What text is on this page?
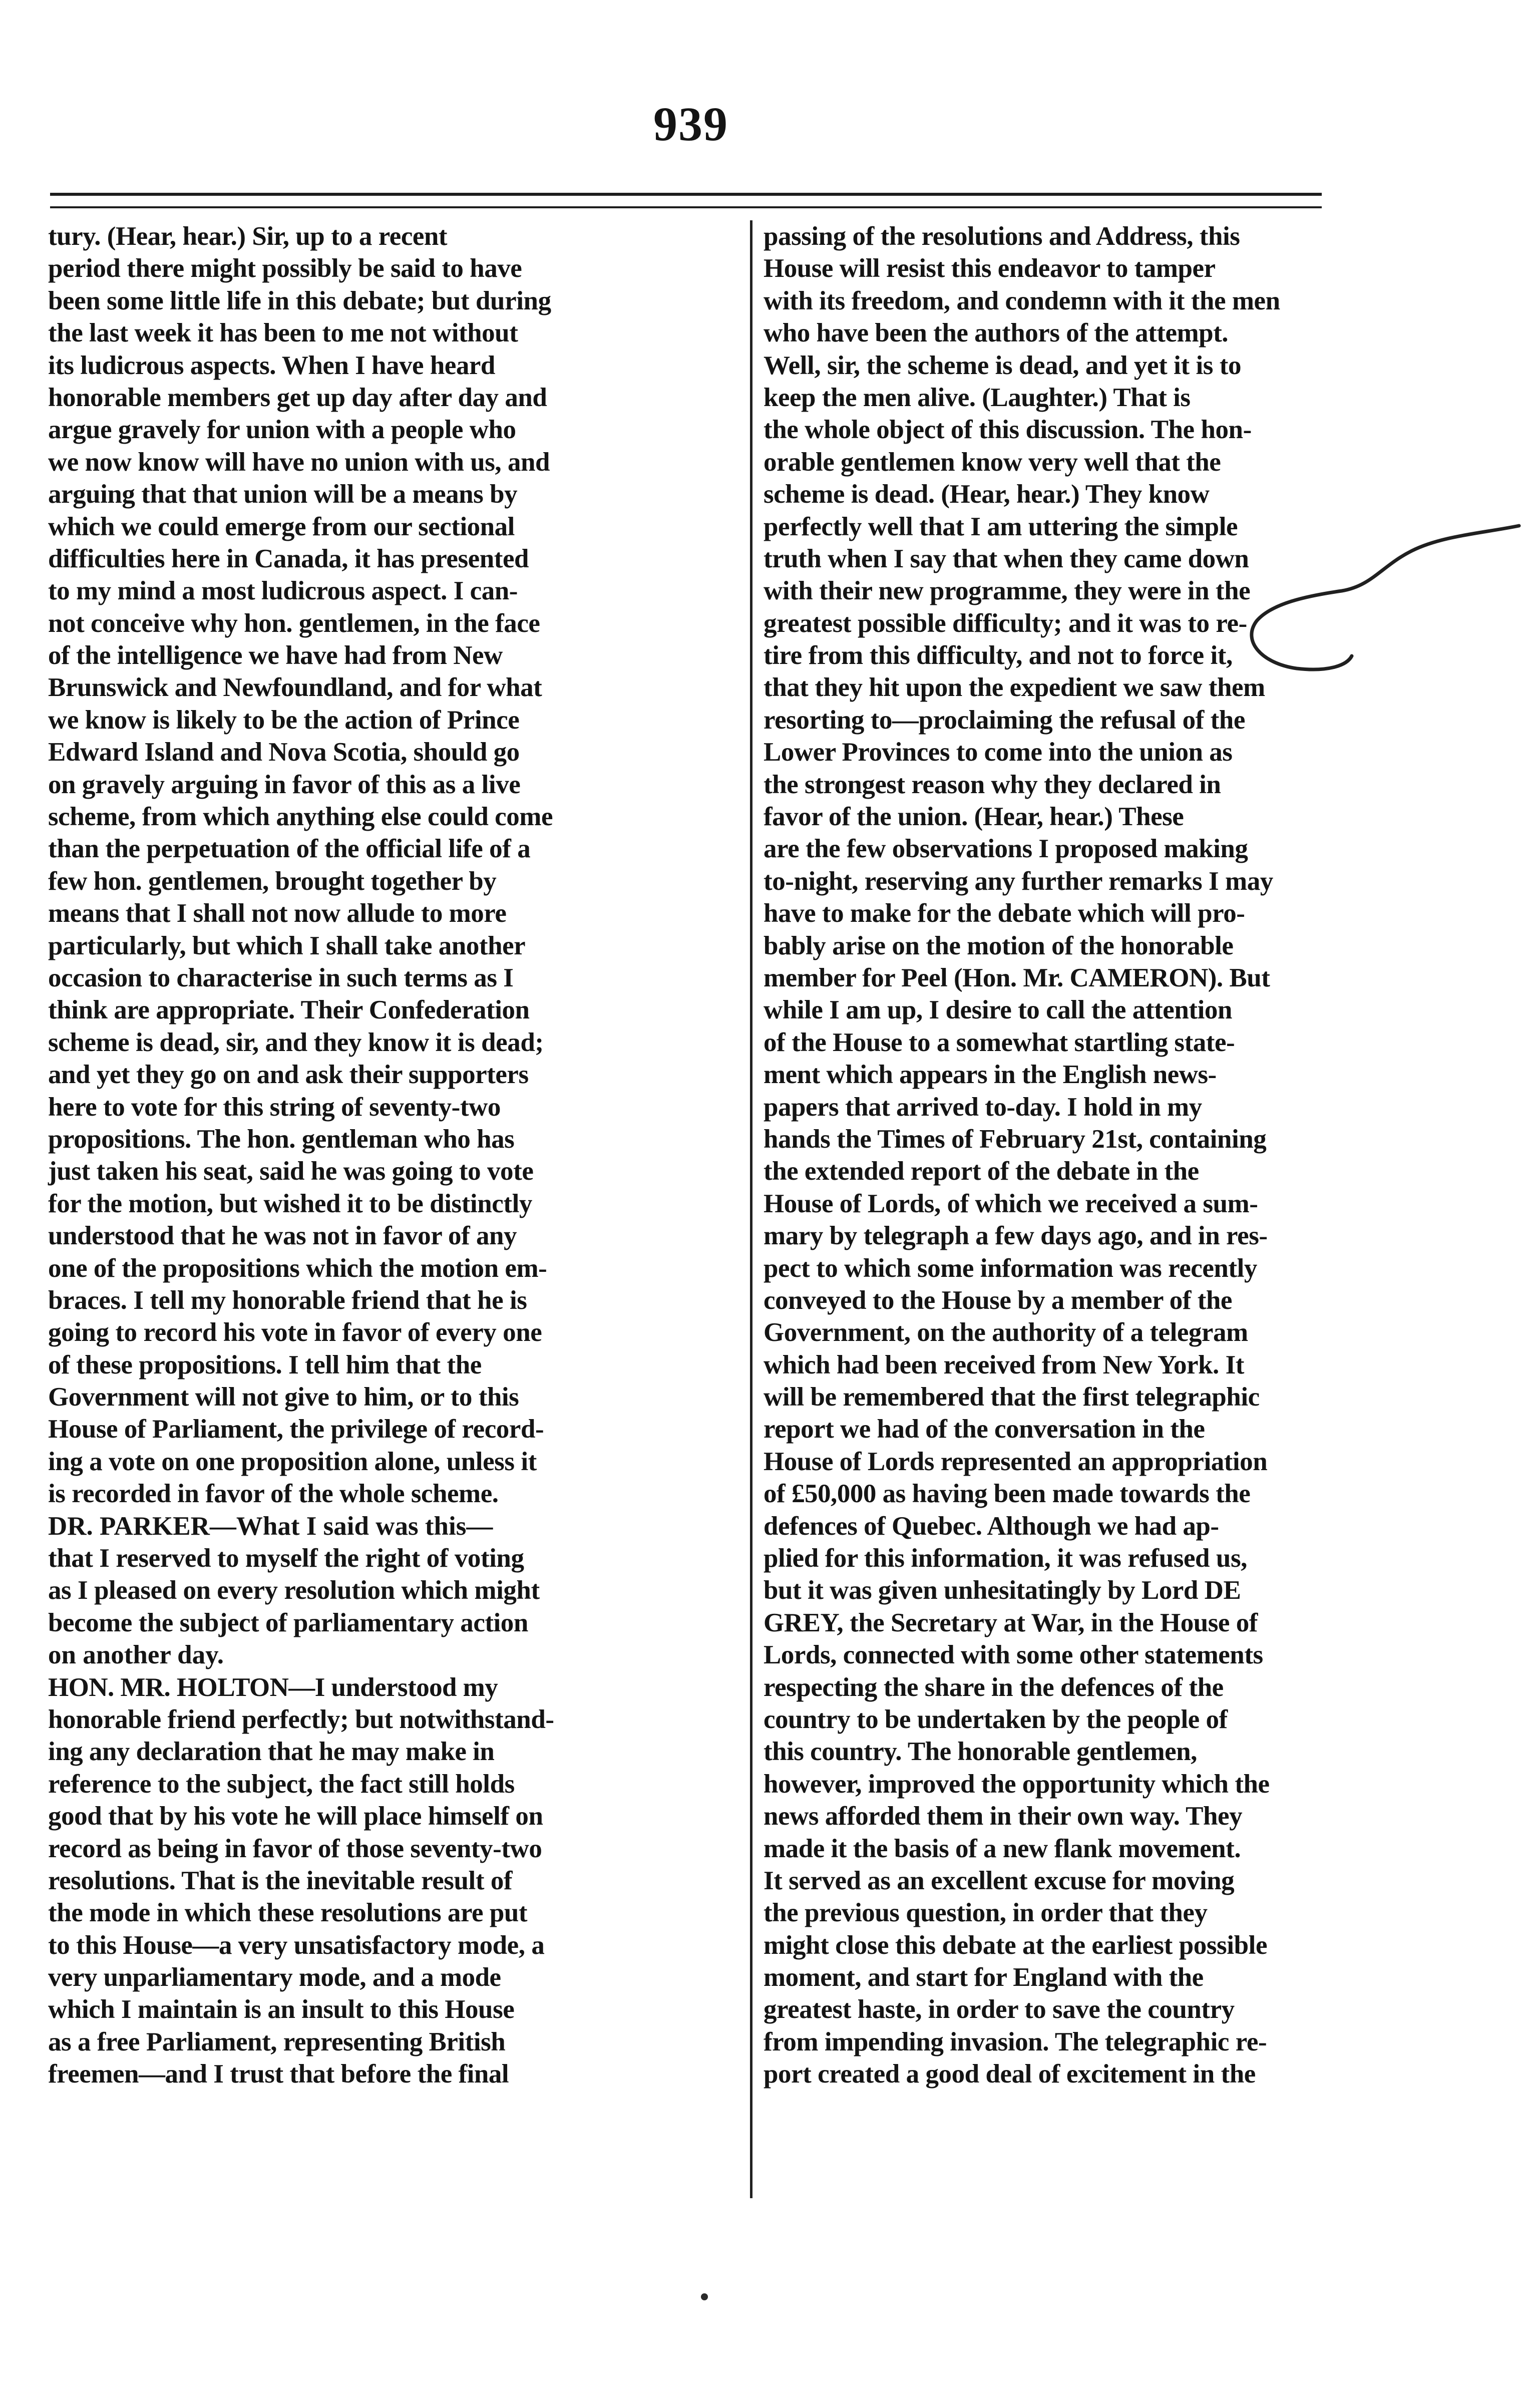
939
tury. (Hear, hear.) Sir, up to a recent
period there might possibly be said to have
been some little life in this debate; but during
the last week it has been to me not without
its ludicrous aspects. When I have heard
honorable members get up day after day and
argue gravely for union with a people who
we now know will have no union with us, and
arguing that that union will be a means by
which we could emerge from our sectional
difficulties here in Canada, it has presented
to my mind a most ludicrous aspect. I can-
not conceive why hon. gentlemen, in the face
of the intelligence we have had from New
Brunswick and Newfoundland, and for what
we know is likely to be the action of Prince
Edward Island and Nova Scotia, should go
on gravely arguing in favor of this as a live
scheme, from which anything else could come
than the perpetuation of the official life of a
few hon. gentlemen, brought together by
means that I shall not now allude to more
particularly, but which I shall take another
occasion to characterise in such terms as I
think are appropriate. Their Confederation
scheme is dead, sir, and they know it is dead;
and yet they go on and ask their supporters
here to vote for this string of seventy-two
propositions. The hon. gentleman who has
just taken his seat, said he was going to vote
for the motion, but wished it to be distinctly
understood that he was not in favor of any
one of the propositions which the motion em-
braces. I tell my honorable friend that he is
going to record his vote in favor of every one
of these propositions. I tell him that the
Government will not give to him, or to this
House of Parliament, the privilege of record-
ing a vote on one proposition alone, unless it
is recorded in favor of the whole scheme.
DR. PARKER—What I said was this—
that I reserved to myself the right of voting
as I pleased on every resolution which might
become the subject of parliamentary action
on another day.
HON. MR. HOLTON—I understood my
honorable friend perfectly; but notwithstand-
ing any declaration that he may make in
reference to the subject, the fact still holds
good that by his vote he will place himself on
record as being in favor of those seventy-two
resolutions. That is the inevitable result of
the mode in which these resolutions are put
to this House—a very unsatisfactory mode, a
very unparliamentary mode, and a mode
which I maintain is an insult to this House
as a free Parliament, representing British
freemen—and I trust that before the final
passing of the resolutions and Address, this
House will resist this endeavor to tamper
with its freedom, and condemn with it the men
who have been the authors of the attempt.
Well, sir, the scheme is dead, and yet it is to
keep the men alive. (Laughter.) That is
the whole object of this discussion. The hon-
orable gentlemen know very well that the
scheme is dead. (Hear, hear.) They know
perfectly well that I am uttering the simple
truth when I say that when they came down
with their new programme, they were in the
greatest possible difficulty; and it was to re-
tire from this difficulty, and not to force it,
that they hit upon the expedient we saw them
resorting to—proclaiming the refusal of the
Lower Provinces to come into the union as
the strongest reason why they declared in
favor of the union. (Hear, hear.) These
are the few observations I proposed making
to-night, reserving any further remarks I may
have to make for the debate which will pro-
bably arise on the motion of the honorable
member for Peel (Hon. Mr. CAMERON). But
while I am up, I desire to call the attention
of the House to a somewhat startling state-
ment which appears in the English news-
papers that arrived to-day. I hold in my
hands the Times of February 21st, containing
the extended report of the debate in the
House of Lords, of which we received a sum-
mary by telegraph a few days ago, and in res-
pect to which some information was recently
conveyed to the House by a member of the
Government, on the authority of a telegram
which had been received from New York. It
will be remembered that the first telegraphic
report we had of the conversation in the
House of Lords represented an appropriation
of £50,000 as having been made towards the
defences of Quebec. Although we had ap-
plied for this information, it was refused us,
but it was given unhesitatingly by Lord DE
GREY, the Secretary at War, in the House of
Lords, connected with some other statements
respecting the share in the defences of the
country to be undertaken by the people of
this country. The honorable gentlemen,
however, improved the opportunity which the
news afforded them in their own way. They
made it the basis of a new flank movement.
It served as an excellent excuse for moving
the previous question, in order that they
might close this debate at the earliest possible
moment, and start for England with the
greatest haste, in order to save the country
from impending invasion. The telegraphic re-
port created a good deal of excitement in the
